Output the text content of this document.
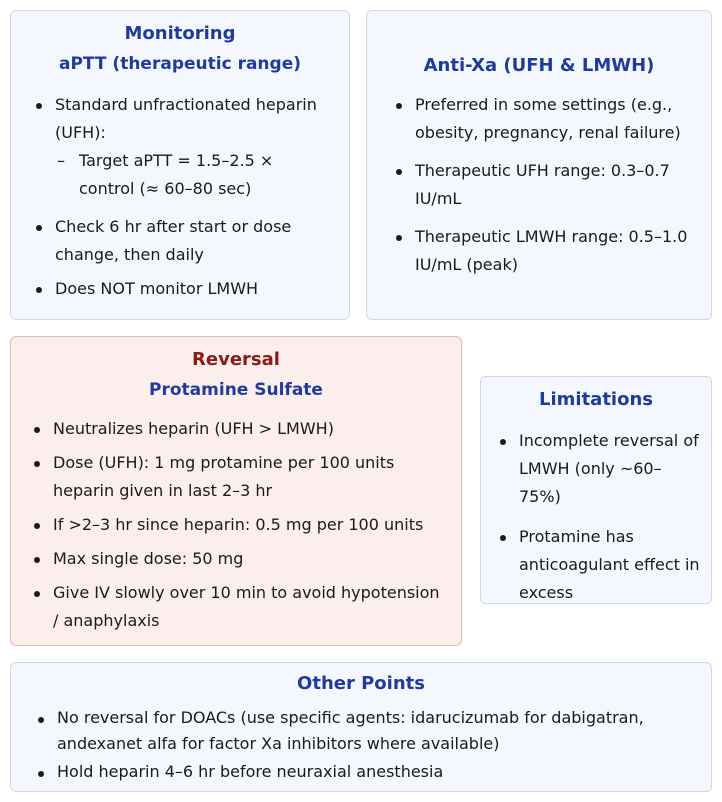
Monitoring
aPTT (therapeutic range)
Standard unfractionated heparin (UFH):
– Target aPTT = 1.5–2.5 × control (≈ 60–80 sec)
Check 6 hr after start or dose change, then daily
Does NOT monitor LMWH
Anti-Xa (UFH & LMWH)
Preferred in some settings (e.g., obesity, pregnancy, renal failure)
Therapeutic UFH range: 0.3–0.7 IU/mL
Therapeutic LMWH range: 0.5–1.0 IU/mL (peak)
Reversal
Protamine Sulfate
Neutralizes heparin (UFH > LMWH)
Dose (UFH): 1 mg protamine per 100 units heparin given in last 2–3 hr
If >2–3 hr since heparin: 0.5 mg per 100 units
Max single dose: 50 mg
Give IV slowly over 10 min to avoid hypotension / anaphylaxis
Limitations
Incomplete reversal of LMWH (only ~60–75%)
Protamine has anticoagulant effect in excess
Other Points
No reversal for DOACs (use specific agents: idarucizumab for dabigatran, andexanet alfa for factor Xa inhibitors where available)
Hold heparin 4–6 hr before neuraxial anesthesia
